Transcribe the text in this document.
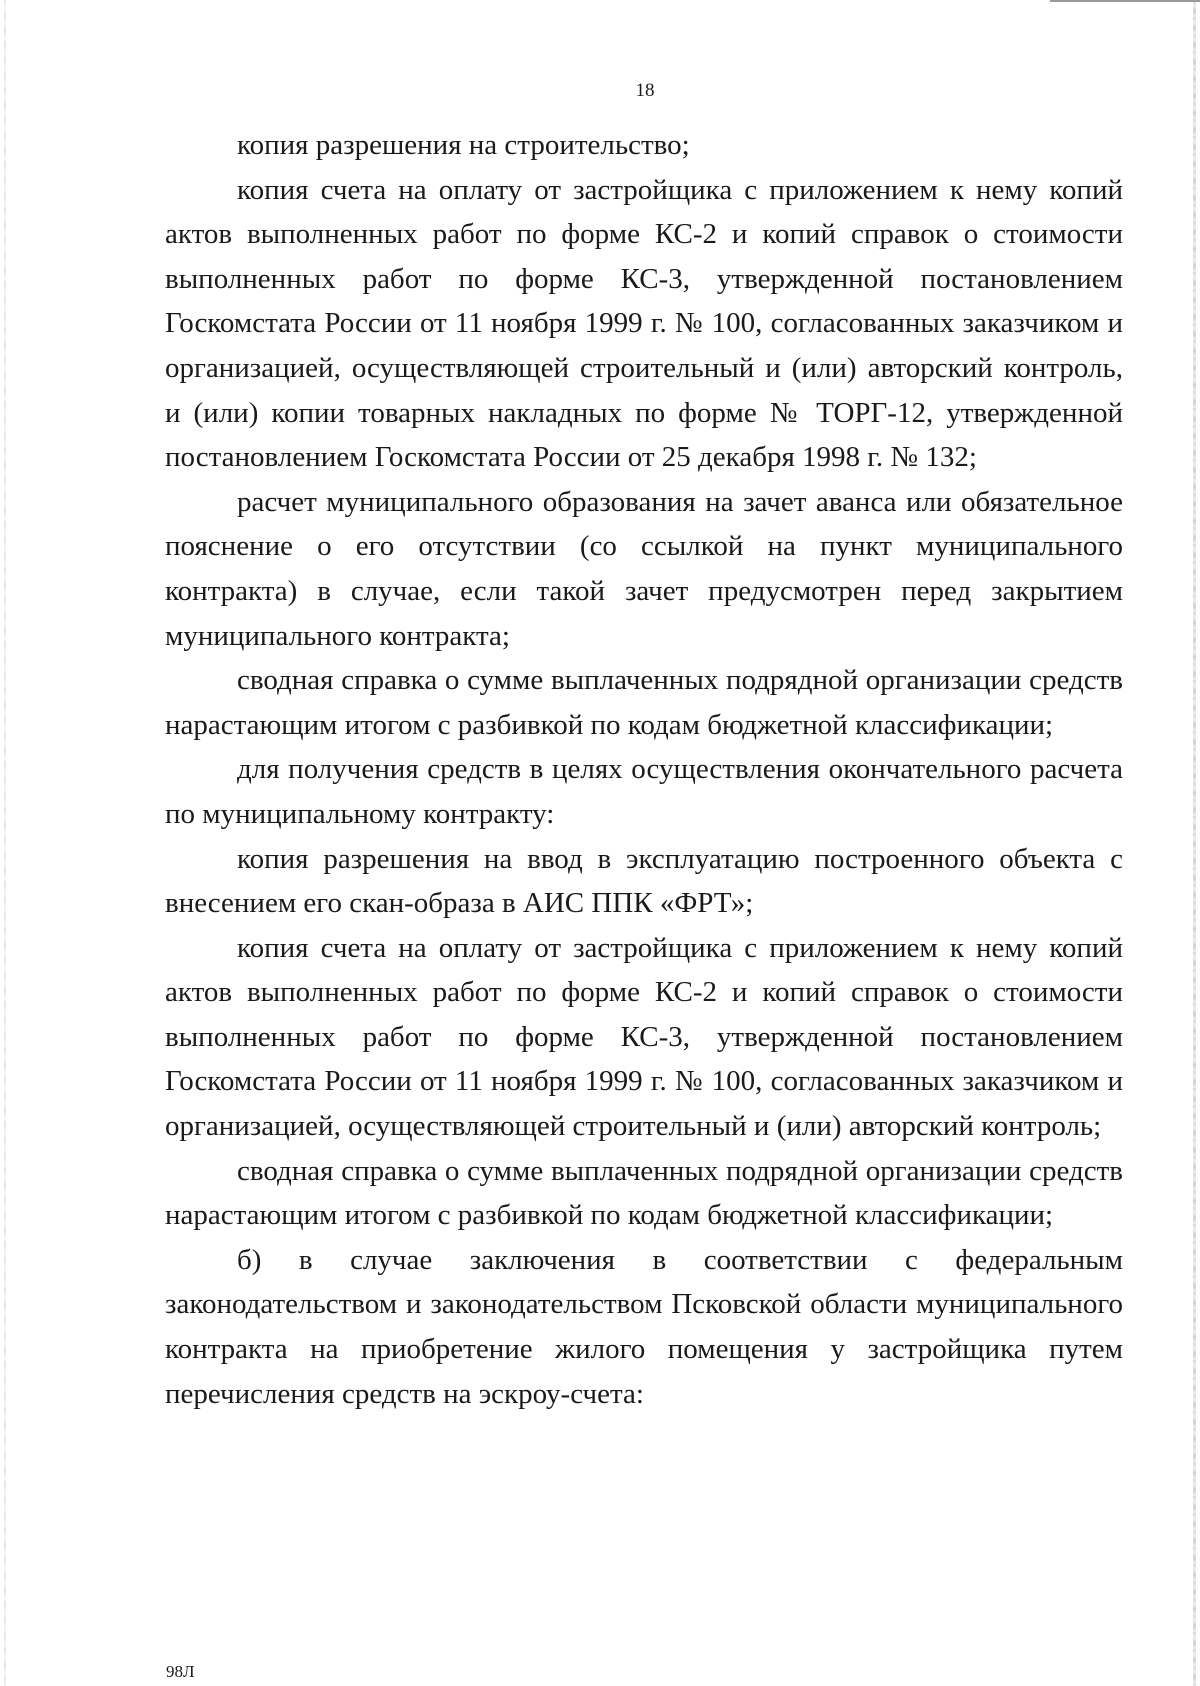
18

копия разрешения на строительство;

копия счета на оплату от застройщика с приложением к нему копий актов выполненных работ по форме КС-2 и копий справок о стоимости выполненных работ по форме КС-3, утвержденной постановлением Госкомстата России от 11 ноября 1999 г. № 100, согласованных заказчиком и организацией, осуществляющей строительный и (или) авторский контроль, и (или) копии товарных накладных по форме № ТОРГ-12, утвержденной постановлением Госкомстата России от 25 декабря 1998 г. № 132;

расчет муниципального образования на зачет аванса или обязательное пояснение о его отсутствии (со ссылкой на пункт муниципального контракта) в случае, если такой зачет предусмотрен перед закрытием муниципального контракта;

сводная справка о сумме выплаченных подрядной организации средств нарастающим итогом с разбивкой по кодам бюджетной классификации;

для получения средств в целях осуществления окончательного расчета по муниципальному контракту:

копия разрешения на ввод в эксплуатацию построенного объекта с внесением его скан-образа в АИС ППК «ФРТ»;

копия счета на оплату от застройщика с приложением к нему копий актов выполненных работ по форме КС-2 и копий справок о стоимости выполненных работ по форме КС-3, утвержденной постановлением Госкомстата России от 11 ноября 1999 г. № 100, согласованных заказчиком и организацией, осуществляющей строительный и (или) авторский контроль;

сводная справка о сумме выплаченных подрядной организации средств нарастающим итогом с разбивкой по кодам бюджетной классификации;

б) в случае заключения в соответствии с федеральным законодательством и законодательством Псковской области муниципального контракта на приобретение жилого помещения у застройщика путем перечисления средств на эскроу-счета:

98Л
